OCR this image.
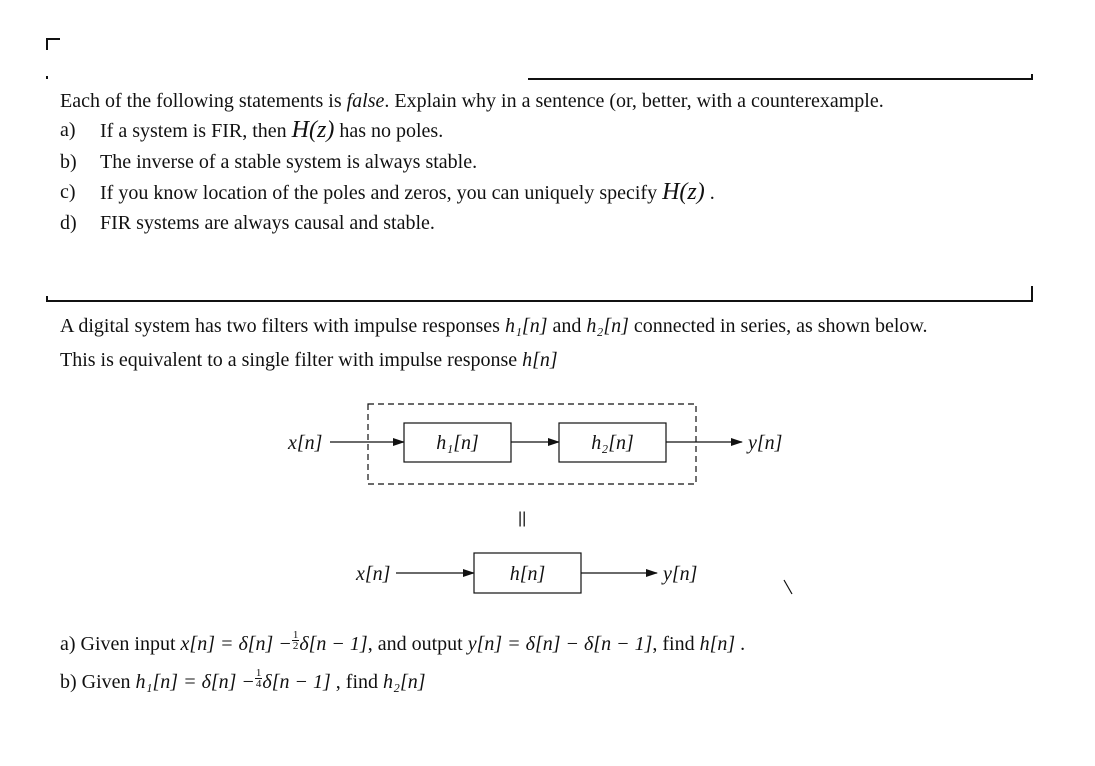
Each of the following statements is false. Explain why in a sentence (or, better, with a counterexample.
a) If a system is FIR, then H(z) has no poles.
b) The inverse of a stable system is always stable.
c) If you know location of the poles and zeros, you can uniquely specify H(z) .
d) FIR systems are always causal and stable.
A digital system has two filters with impulse responses h₁[n] and h₂[n] connected in series, as shown below.
This is equivalent to a single filter with impulse response h[n]
x[n]	h₁[n]	h₂[n]	y[n]
||
x[n]	h[n]	y[n]
a) Given input $x[n] = \delta[n] - \frac{1}{2} \delta[n - 1]$, and output y[n] = δ[n] − δ[n − 1], find h[n] .
b) Given $h_1[n] = \delta[n] - \frac{1}{4} \delta[n - 1]$ , find h₂[n]
